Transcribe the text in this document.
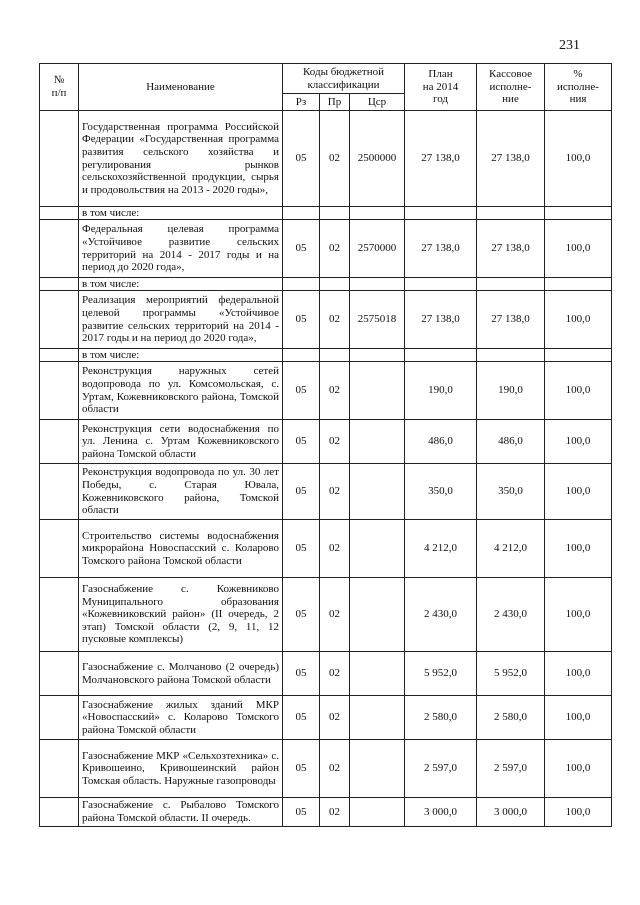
231
№
п/п	Наименование	Коды бюджетной классификации			План
на 2014
год	Кассовое
исполне-
ние	%
исполне-
ния
		Рз	Пр	Цср			
	Государственная программа Российской Федерации «Государственная программа развития сельского хозяйства и регулирования рынков сельскохозяйственной продукции, сырья и продовольствия на 2013 - 2020 годы»,	05	02	2500000	27 138,0	27 138,0	100,0
	в том числе:						
	Федеральная целевая программа «Устойчивое развитие сельских территорий на 2014 - 2017 годы и на период до 2020 года»,	05	02	2570000	27 138,0	27 138,0	100,0
	в том числе:						
	Реализация мероприятий федеральной целевой программы «Устойчивое развитие сельских территорий на 2014 - 2017 годы и на период до 2020 года»,	05	02	2575018	27 138,0	27 138,0	100,0
	в том числе:						
	Реконструкция наружных сетей водопровода по ул. Комсомольская, с. Уртам, Кожевниковского района, Томской области	05	02		190,0	190,0	100,0
	Реконструкция сети водоснабжения по ул. Ленина с. Уртам Кожевниковского района Томской области	05	02		486,0	486,0	100,0
	Реконструкция водопровода по ул. 30 лет Победы, с. Старая Ювала, Кожевниковского района, Томской области	05	02		350,0	350,0	100,0
	Строительство системы водоснабжения микрорайона Новоспасский с. Коларово Томского района Томской области	05	02		4 212,0	4 212,0	100,0
	Газоснабжение с. Кожевниково Муниципального образования «Кожевниковский район» (II очередь, 2 этап) Томской области (2, 9, 11, 12 пусковые комплексы)	05	02		2 430,0	2 430,0	100,0
	Газоснабжение с. Молчаново (2 очередь) Молчановского района Томской области	05	02		5 952,0	5 952,0	100,0
	Газоснабжение жилых зданий МКР «Новоспасский» с. Коларово Томского района Томской области	05	02		2 580,0	2 580,0	100,0
	Газоснабжение МКР «Сельхозтехника» с. Кривошеино, Кривошеинский район Томская область. Наружные газопроводы	05	02		2 597,0	2 597,0	100,0
	Газоснабжение с. Рыбалово Томского района Томской области. II очередь.	05	02		3 000,0	3 000,0	100,0
